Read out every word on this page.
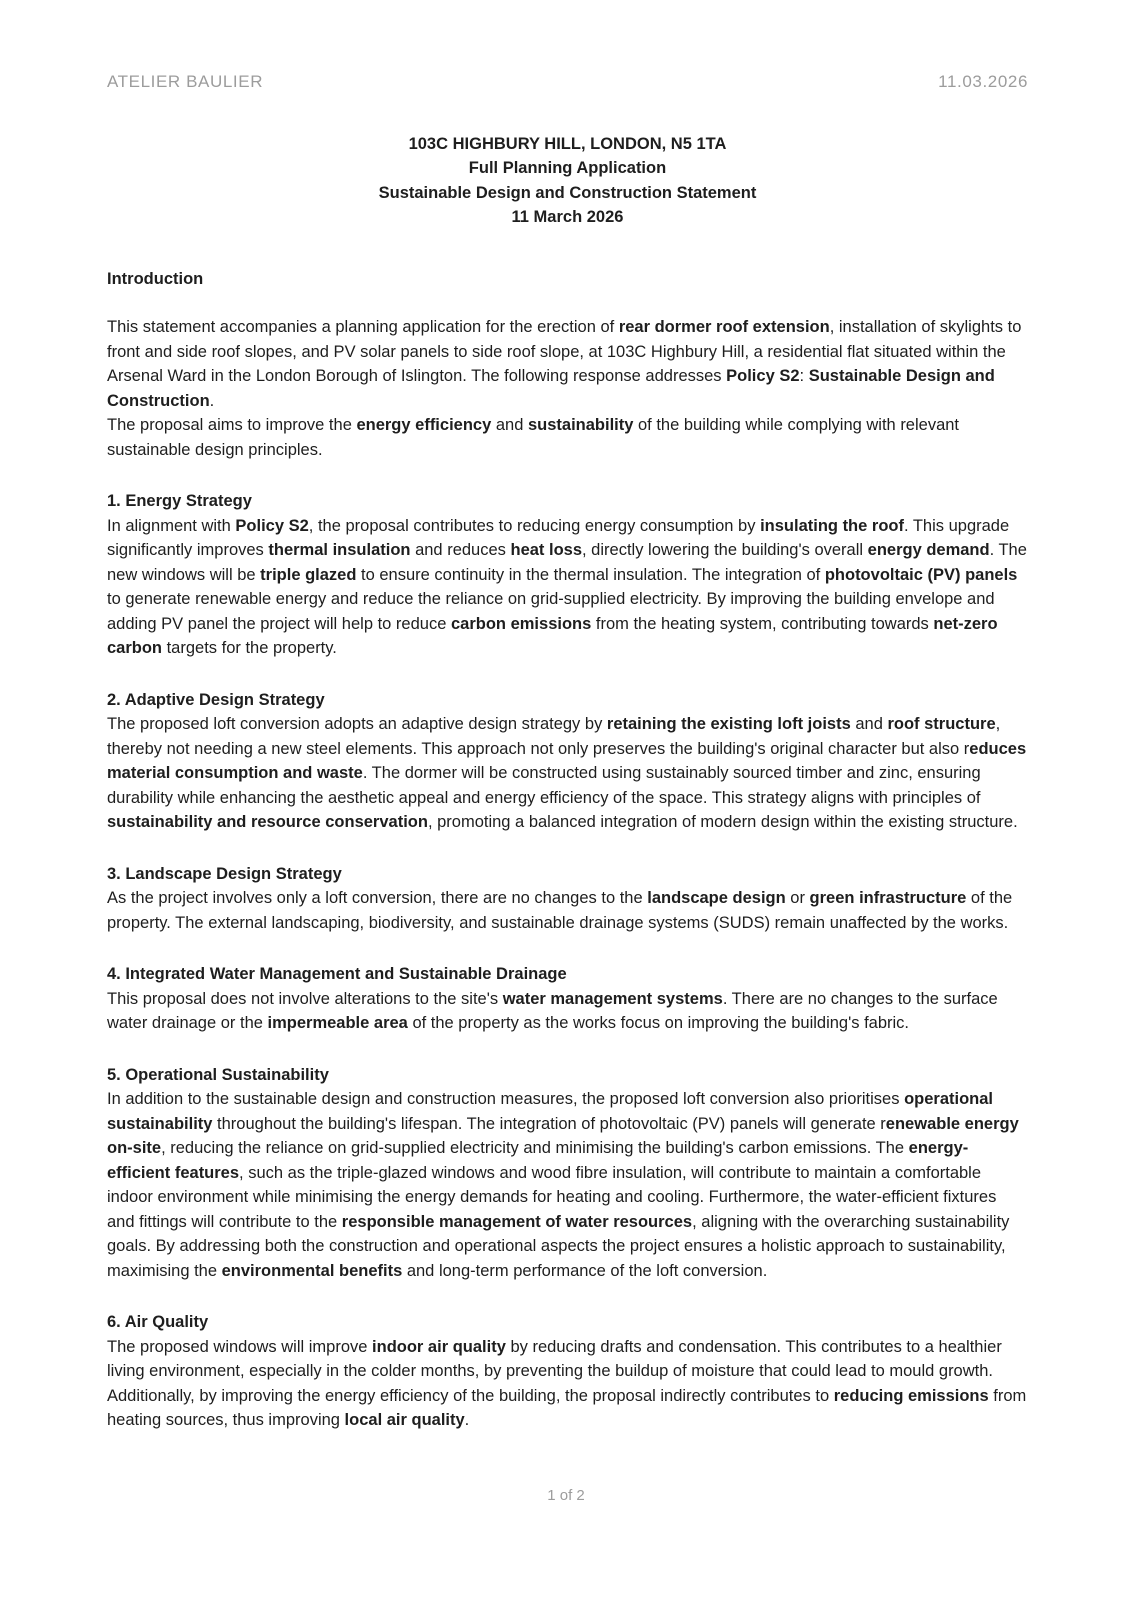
ATELIER BAULIER	11.03.2026
103C HIGHBURY HILL, LONDON, N5 1TA
Full Planning Application
Sustainable Design and Construction Statement
11 March 2026
Introduction

This statement accompanies a planning application for the erection of rear dormer roof extension, installation of skylights to front and side roof slopes, and PV solar panels to side roof slope, at 103C Highbury Hill, a residential flat situated within the Arsenal Ward in the London Borough of Islington. The following response addresses Policy S2: Sustainable Design and Construction.

The proposal aims to improve the energy efficiency and sustainability of the building while complying with relevant sustainable design principles.

1. Energy Strategy

In alignment with Policy S2, the proposal contributes to reducing energy consumption by insulating the roof. This upgrade significantly improves thermal insulation and reduces heat loss, directly lowering the building's overall energy demand. The new windows will be triple glazed to ensure continuity in the thermal insulation. The integration of photovoltaic (PV) panels to generate renewable energy and reduce the reliance on grid-supplied electricity. By improving the building envelope and adding PV panel the project will help to reduce carbon emissions from the heating system, contributing towards net-zero carbon targets for the property.

2. Adaptive Design Strategy

The proposed loft conversion adopts an adaptive design strategy by retaining the existing loft joists and roof structure, thereby not needing a new steel elements. This approach not only preserves the building's original character but also reduces material consumption and waste. The dormer will be constructed using sustainably sourced timber and zinc, ensuring durability while enhancing the aesthetic appeal and energy efficiency of the space. This strategy aligns with principles of sustainability and resource conservation, promoting a balanced integration of modern design within the existing structure.

3. Landscape Design Strategy

As the project involves only a loft conversion, there are no changes to the landscape design or green infrastructure of the property. The external landscaping, biodiversity, and sustainable drainage systems (SUDS) remain unaffected by the works.

4. Integrated Water Management and Sustainable Drainage

This proposal does not involve alterations to the site's water management systems. There are no changes to the surface water drainage or the impermeable area of the property as the works focus on improving the building's fabric.

5. Operational Sustainability

In addition to the sustainable design and construction measures, the proposed loft conversion also prioritises operational sustainability throughout the building's lifespan. The integration of photovoltaic (PV) panels will generate renewable energy on-site, reducing the reliance on grid-supplied electricity and minimising the building's carbon emissions. The energy-efficient features, such as the triple-glazed windows and wood fibre insulation, will contribute to maintain a comfortable indoor environment while minimising the energy demands for heating and cooling. Furthermore, the water-efficient fixtures and fittings will contribute to the responsible management of water resources, aligning with the overarching sustainability goals. By addressing both the construction and operational aspects the project ensures a holistic approach to sustainability, maximising the environmental benefits and long-term performance of the loft conversion.

6. Air Quality

The proposed windows will improve indoor air quality by reducing drafts and condensation. This contributes to a healthier living environment, especially in the colder months, by preventing the buildup of moisture that could lead to mould growth. Additionally, by improving the energy efficiency of the building, the proposal indirectly contributes to reducing emissions from heating sources, thus improving local air quality.

1 of 2
